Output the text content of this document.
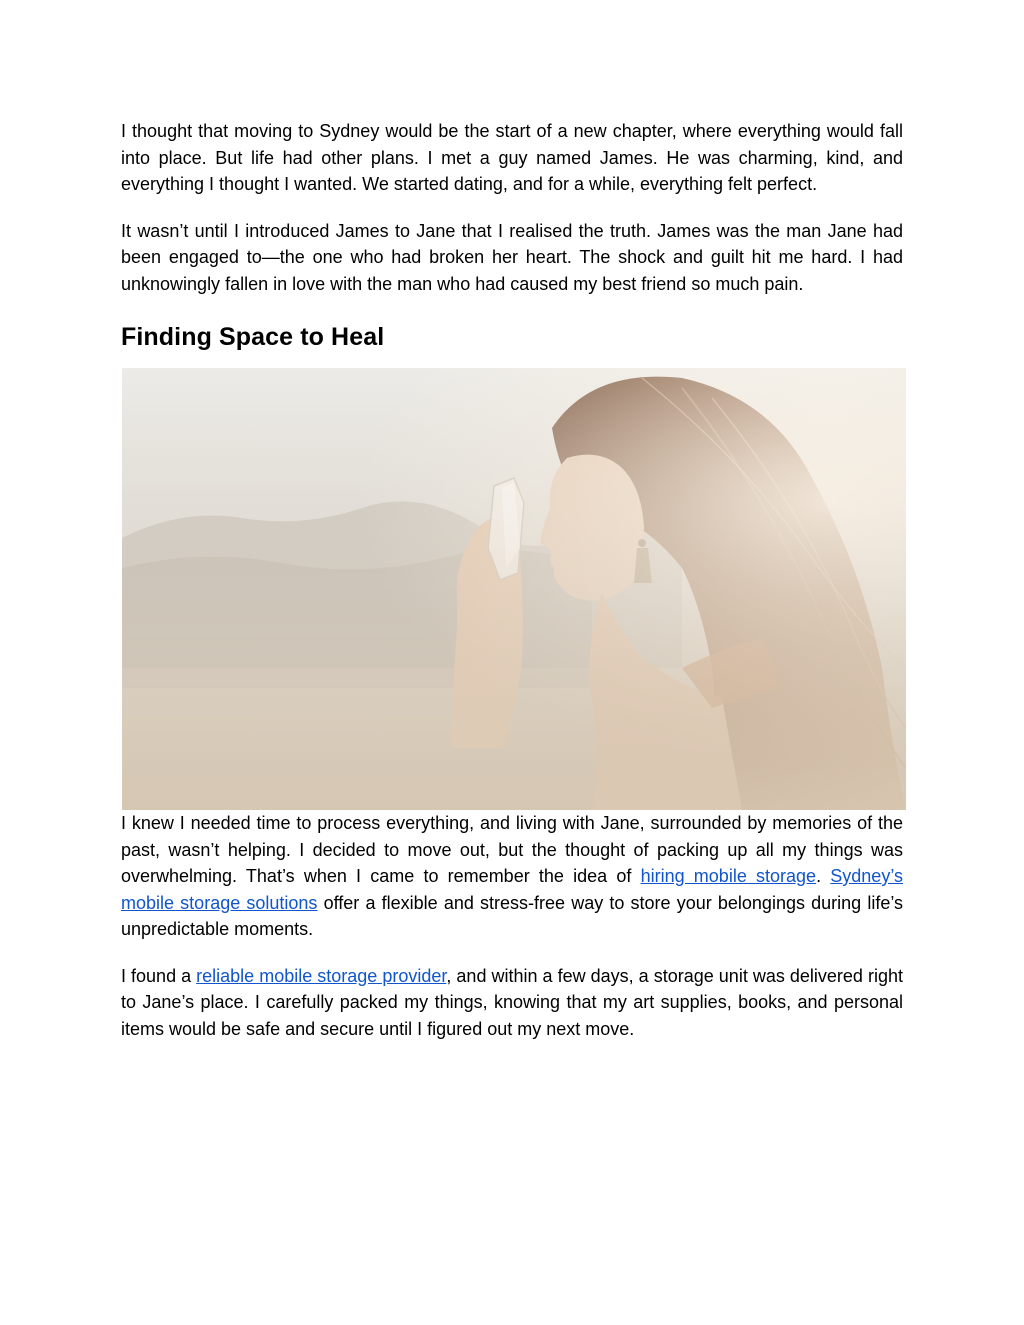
I thought that moving to Sydney would be the start of a new chapter, where everything would fall into place. But life had other plans. I met a guy named James. He was charming, kind, and everything I thought I wanted. We started dating, and for a while, everything felt perfect.

It wasn’t until I introduced James to Jane that I realised the truth. James was the man Jane had been engaged to—the one who had broken her heart. The shock and guilt hit me hard. I had unknowingly fallen in love with the man who had caused my best friend so much pain.

Finding Space to Heal

I knew I needed time to process everything, and living with Jane, surrounded by memories of the past, wasn’t helping. I decided to move out, but the thought of packing up all my things was overwhelming. That’s when I came to remember the idea of hiring mobile storage. Sydney’s mobile storage solutions offer a flexible and stress-free way to store your belongings during life’s unpredictable moments.

I found a reliable mobile storage provider, and within a few days, a storage unit was delivered right to Jane’s place. I carefully packed my things, knowing that my art supplies, books, and personal items would be safe and secure until I figured out my next move.
